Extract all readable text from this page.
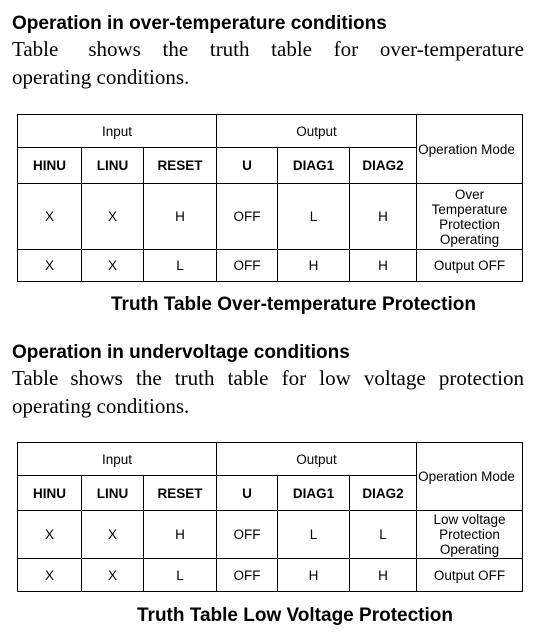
Operation in over-temperature conditions

Table shows the truth table for over-temperature operating conditions.

Input			Output			Operation Mode
HINU	LINU	RESET	U	DIAG1	DIAG2	
X	X	H	OFF	L	H	Over Temperature Protection Operating
X	X	L	OFF	H	H	Output OFF

Truth Table Over-temperature Protection

Operation in undervoltage conditions

Table shows the truth table for low voltage protection operating conditions.

Input			Output			Operation Mode
HINU	LINU	RESET	U	DIAG1	DIAG2	
X	X	H	OFF	L	L	Low voltage Protection Operating
X	X	L	OFF	H	H	Output OFF

Truth Table Low Voltage Protection
